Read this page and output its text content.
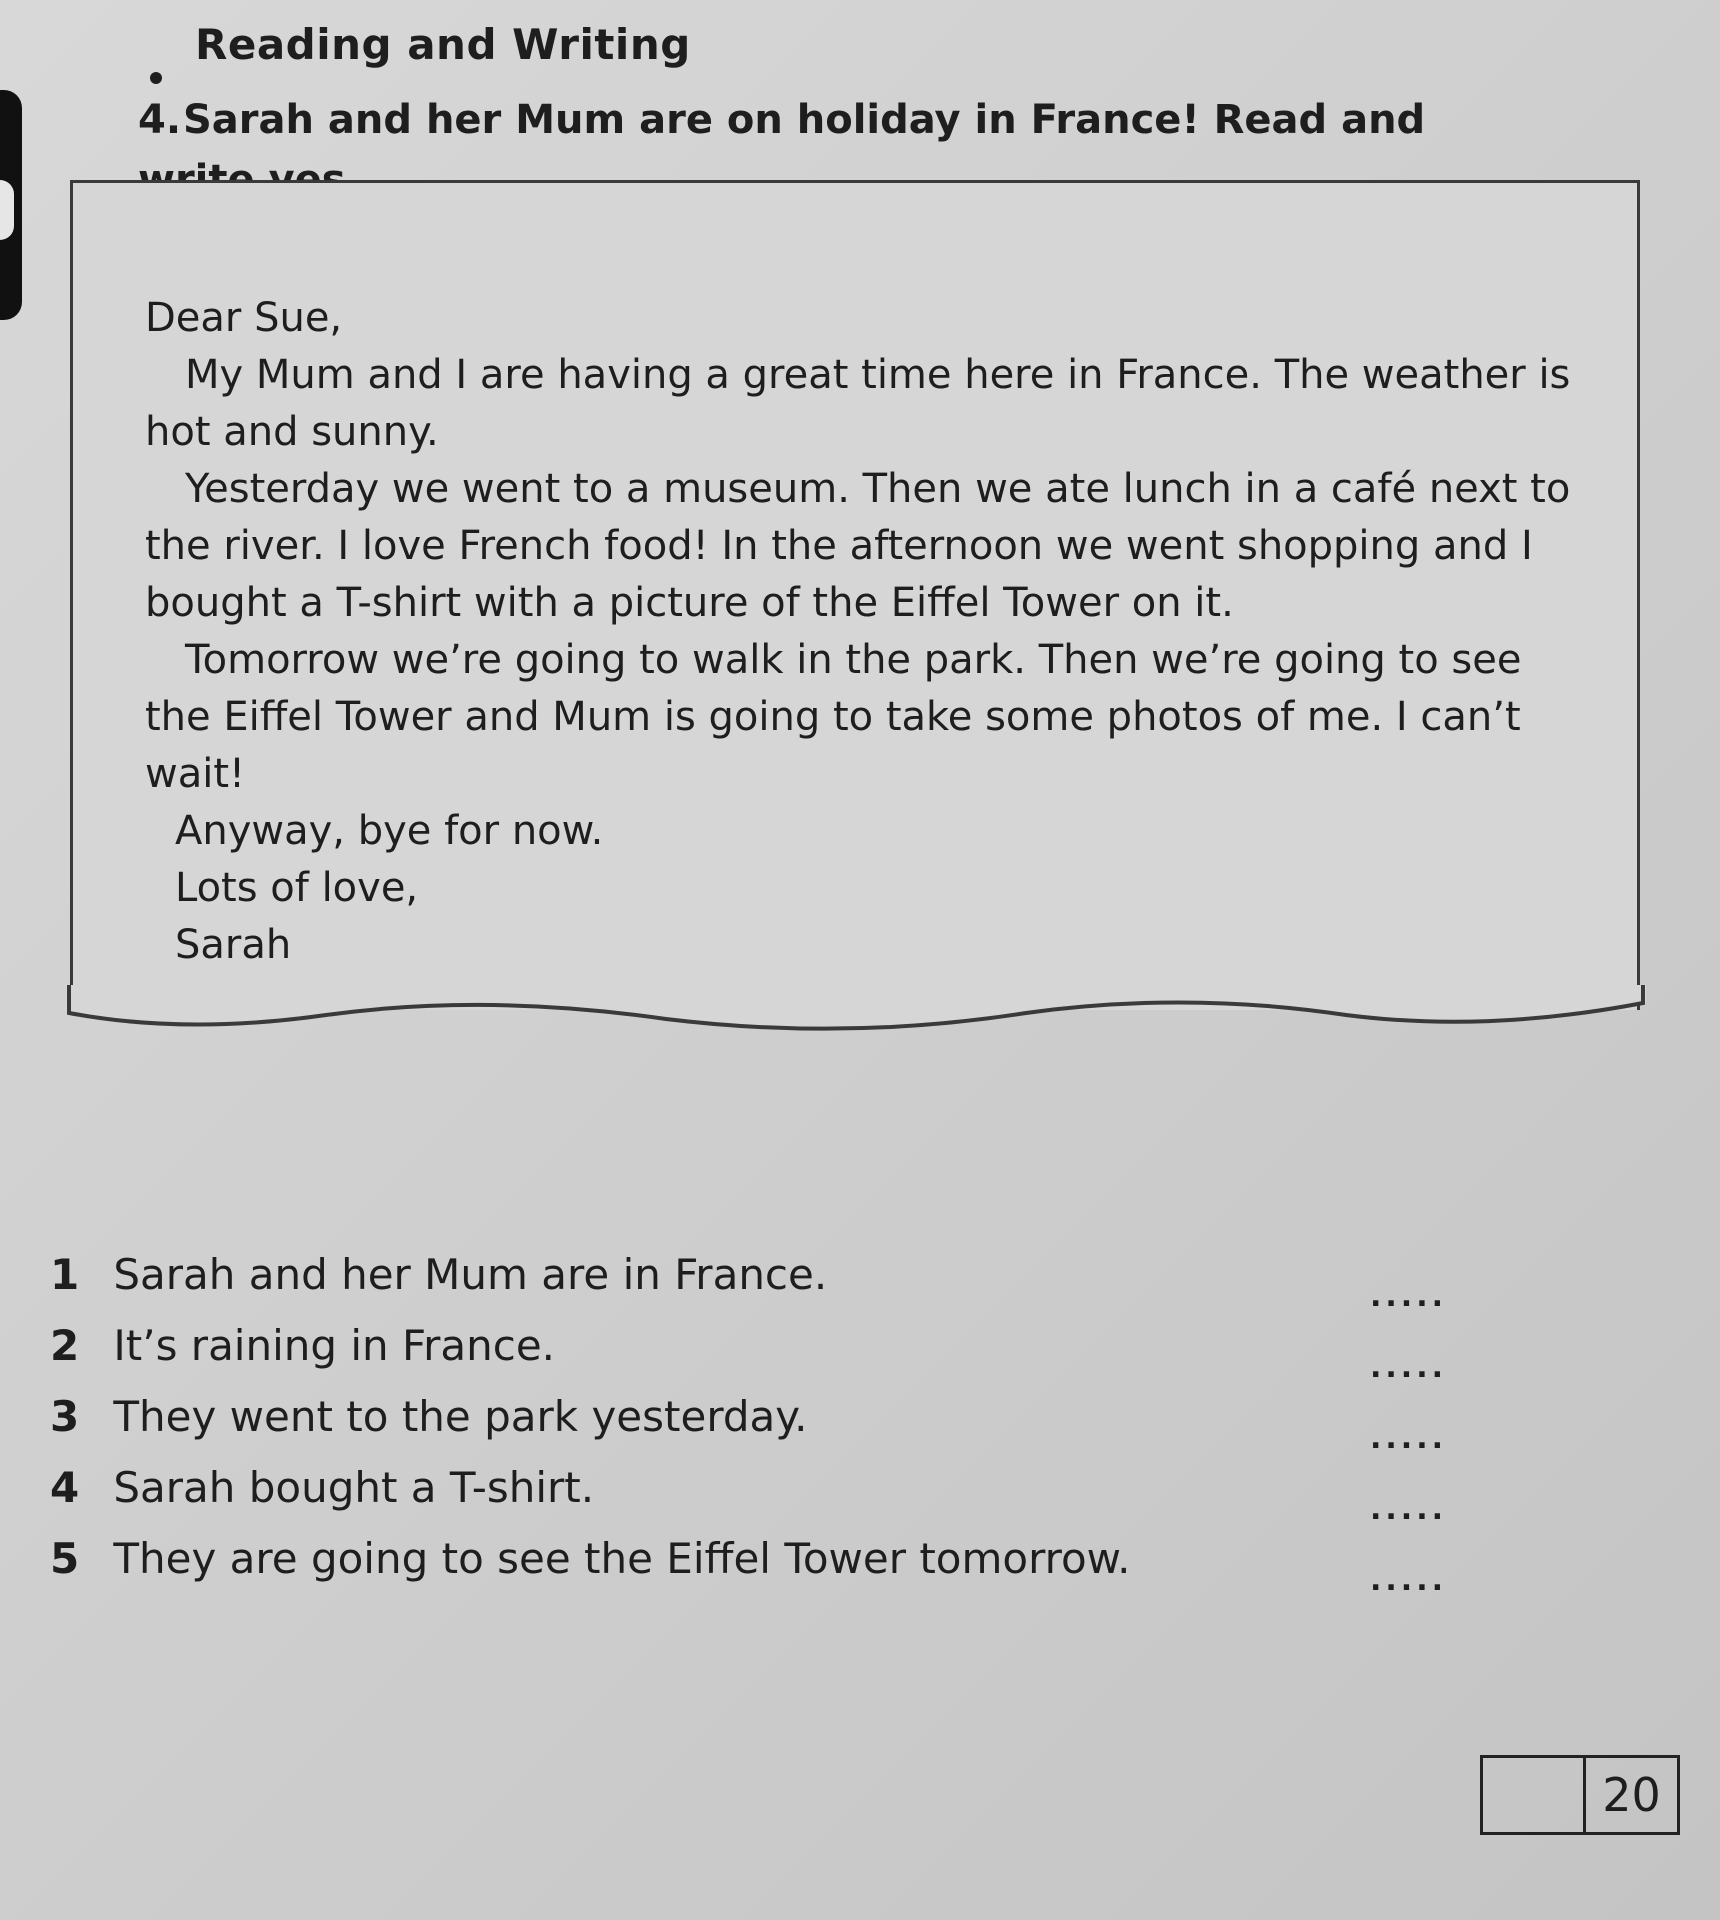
Reading and Writing
4.Sarah and her Mum are on holiday in France! Read and

Dear Sue,

My Mum and I are having a great time here in France. The weather is hot and sunny.

Yesterday we went to a museum. Then we ate lunch in a café next to the river. I love French food! In the afternoon we went shopping and I bought a T-shirt with a picture of the Eiffel Tower on it.

Tomorrow we’re going to walk in the park. Then we’re going to see the Eiffel Tower and Mum is going to take some photos of me. I can’t wait!

Anyway, bye for now.

Lots of love,

Sarah

1 Sarah and her Mum are in France.	.....
2 It’s raining in France.	.....
3 They went to the park yesterday.	.....
4 Sarah bought a T-shirt.	.....
5 They are going to see the Eiffel Tower tomorrow.	.....
20
